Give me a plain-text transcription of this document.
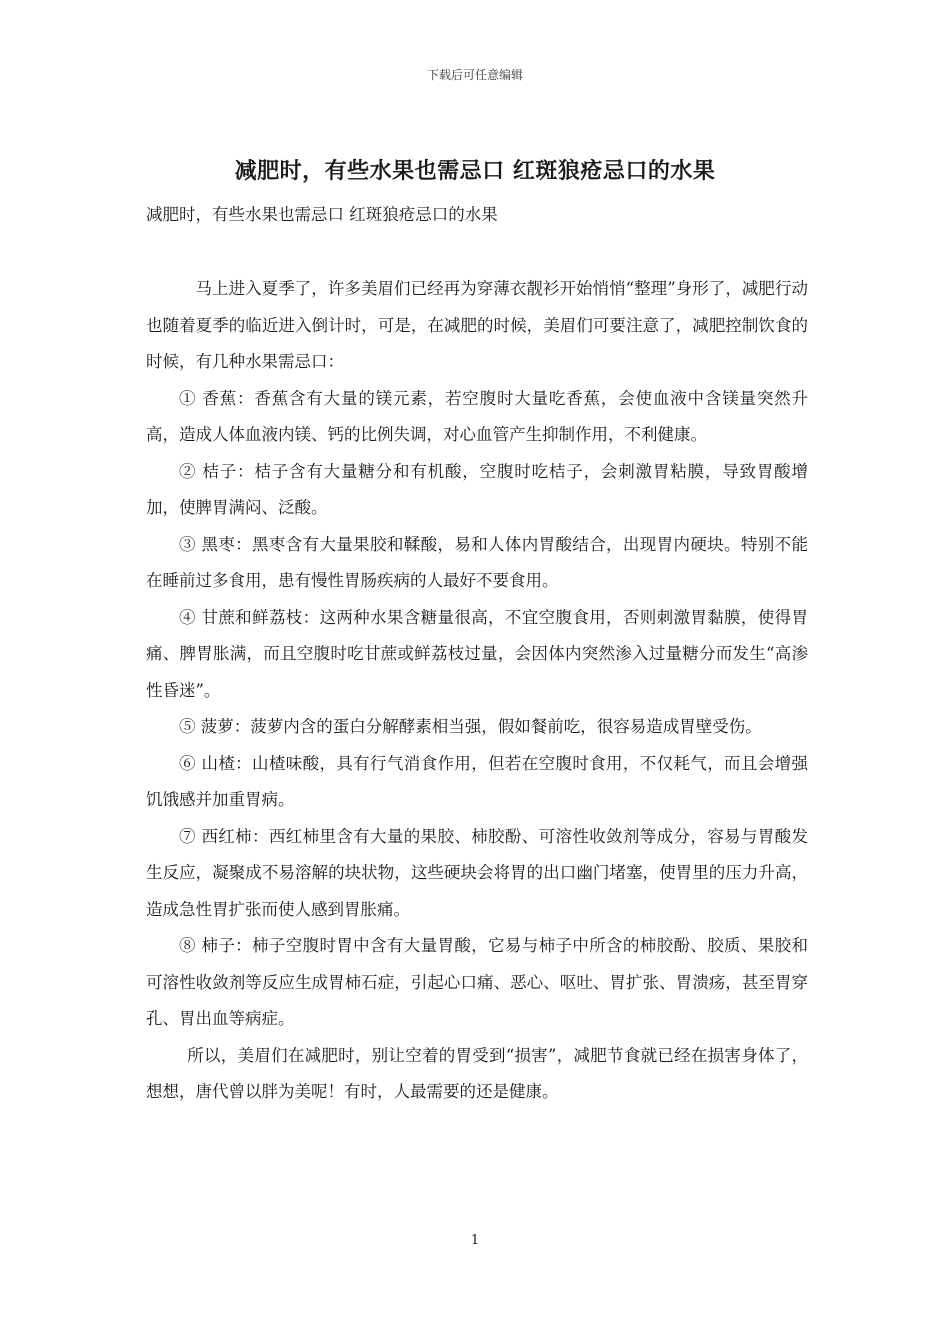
下载后可任意编辑
减肥时，有些水果也需忌口 红斑狼疮忌口的水果
减肥时，有些水果也需忌口 红斑狼疮忌口的水果

马上进入夏季了，许多美眉们已经再为穿薄衣靓衫开始悄悄“整理”身形了，减肥行动也随着夏季的临近进入倒计时，可是，在减肥的时候，美眉们可要注意了，减肥控制饮食的时候，有几种水果需忌口：

① 香蕉：香蕉含有大量的镁元素，若空腹时大量吃香蕉，会使血液中含镁量突然升高，造成人体血液内镁、钙的比例失调，对心血管产生抑制作用，不利健康。

② 桔子：桔子含有大量糖分和有机酸，空腹时吃桔子，会刺激胃粘膜，导致胃酸增加，使脾胃满闷、泛酸。

③ 黑枣：黑枣含有大量果胶和鞣酸，易和人体内胃酸结合，出现胃内硬块。特别不能在睡前过多食用，患有慢性胃肠疾病的人最好不要食用。

④ 甘蔗和鲜荔枝：这两种水果含糖量很高，不宜空腹食用，否则刺激胃黏膜，使得胃痛、脾胃胀满，而且空腹时吃甘蔗或鲜荔枝过量，会因体内突然渗入过量糖分而发生“高渗性昏迷”。

⑤ 菠萝：菠萝内含的蛋白分解酵素相当强，假如餐前吃，很容易造成胃壁受伤。

⑥ 山楂：山楂味酸，具有行气消食作用，但若在空腹时食用，不仅耗气，而且会增强饥饿感并加重胃病。

⑦ 西红柿：西红柿里含有大量的果胶、柿胶酚、可溶性收敛剂等成分，容易与胃酸发生反应，凝聚成不易溶解的块状物，这些硬块会将胃的出口幽门堵塞，使胃里的压力升高，造成急性胃扩张而使人感到胃胀痛。

⑧ 柿子：柿子空腹时胃中含有大量胃酸，它易与柿子中所含的柿胶酚、胶质、果胶和可溶性收敛剂等反应生成胃柿石症，引起心口痛、恶心、呕吐、胃扩张、胃溃疡，甚至胃穿孔、胃出血等病症。

所以，美眉们在减肥时，别让空着的胃受到“损害”，减肥节食就已经在损害身体了，想想，唐代曾以胖为美呢！有时，人最需要的还是健康。

1
